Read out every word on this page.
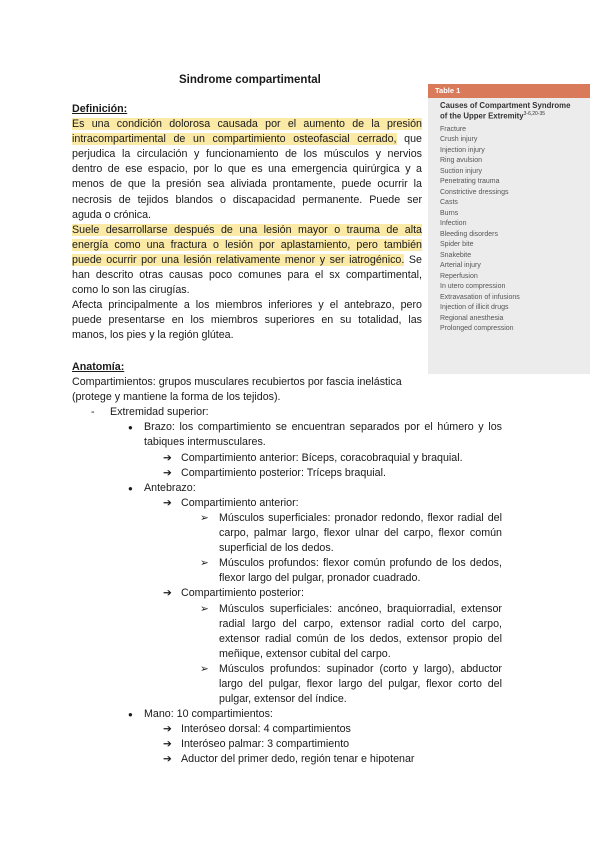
Sindrome compartimental
Definición:

Es una condición dolorosa causada por el aumento de la presión intracompartimental de un compartimiento osteofascial cerrado, que perjudica la circulación y funcionamiento de los músculos y nervios dentro de ese espacio, por lo que es una emergencia quirúrgica y a menos de que la presión sea aliviada prontamente, puede ocurrir la necrosis de tejidos blandos o discapacidad permanente. Puede ser aguda o crónica.

Suele desarrollarse después de una lesión mayor o trauma de alta energía como una fractura o lesión por aplastamiento, pero también puede ocurrir por una lesión relativamente menor y ser iatrogénico. Se han descrito otras causas poco comunes para el sx compartimental, como lo son las cirugías.

Afecta principalmente a los miembros inferiores y el antebrazo, pero puede presentarse en los miembros superiores en su totalidad, las manos, los pies y la región glútea.

Table 1
Causes of Compartment Syndrome of the Upper Extremity$^{3-6,20-35}$
Fracture
Crush injury
Injection injury
Ring avulsion
Suction injury
Penetrating trauma
Constrictive dressings
Casts
Burns
Infection
Bleeding disorders
Spider bite
Snakebite
Arterial injury
Reperfusion
In utero compression
Extravasation of infusions
Injection of illicit drugs
Regional anesthesia
Prolonged compression
Anatomía:
Compartimientos: grupos musculares recubiertos por fascia inelástica (protege y mantiene la forma de los tejidos).
- Extremidad superior:
● Brazo: los compartimiento se encuentran separados por el húmero y los tabiques intermusculares.
➔ Compartimiento anterior: Bíceps, coracobraquial y braquial.
➔ Compartimiento posterior: Tríceps braquial.
● Antebrazo:
➔ Compartimiento anterior:
➢ Músculos superficiales: pronador redondo, flexor radial del carpo, palmar largo, flexor ulnar del carpo, flexor común superficial de los dedos.
➢ Músculos profundos: flexor común profundo de los dedos, flexor largo del pulgar, pronador cuadrado.
➔ Compartimiento posterior:
➢ Músculos superficiales: ancóneo, braquiorradial, extensor radial largo del carpo, extensor radial corto del carpo, extensor radial común de los dedos, extensor propio del meñique, extensor cubital del carpo.
➢ Músculos profundos: supinador (corto y largo), abductor largo del pulgar, flexor largo del pulgar, flexor corto del pulgar, extensor del índice.
● Mano: 10 compartimientos:
➔ Interóseo dorsal: 4 compartimientos
➔ Interóseo palmar: 3 compartimiento
➔ Aductor del primer dedo, región tenar e hipotenar
